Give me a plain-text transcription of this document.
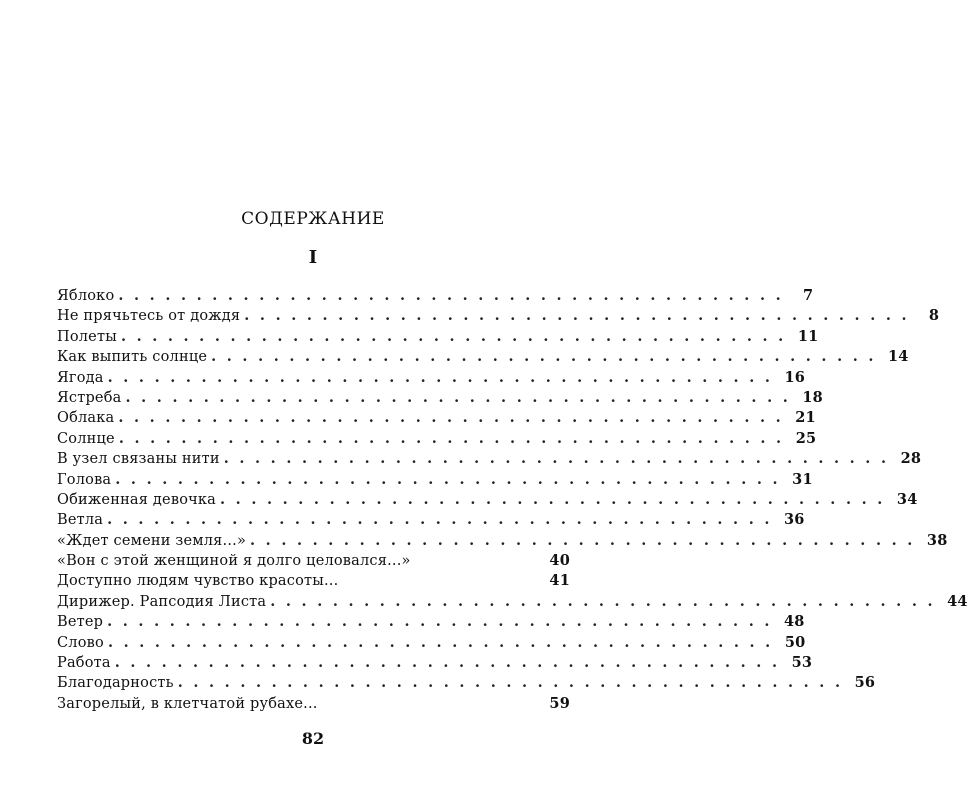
СОДЕРЖАНИЕ
I
Яблоко ........................................... 7
Не прячьтесь от дождя ........................................... 8
Полеты ........................................... 11
Как выпить солнце ........................................... 14
Ягода ........................................... 16
Ястреба ........................................... 18
Облака ........................................... 21
Солнце ........................................... 25
В узел связаны нити ........................................... 28
Голова ........................................... 31
Обиженная девочка ........................................... 34
Ветла ........................................... 36
«Ждет семени земля...» ........................................... 38
«Вон с этой женщиной я долго целовался...»	40
Доступно людям чувство красоты...	41
Дирижер. Рапсодия Листа ........................................... 44
Ветер ........................................... 48
Слово ........................................... 50
Работа ........................................... 53
Благодарность ........................................... 56
Загорелый, в клетчатой рубахе...	59
82
